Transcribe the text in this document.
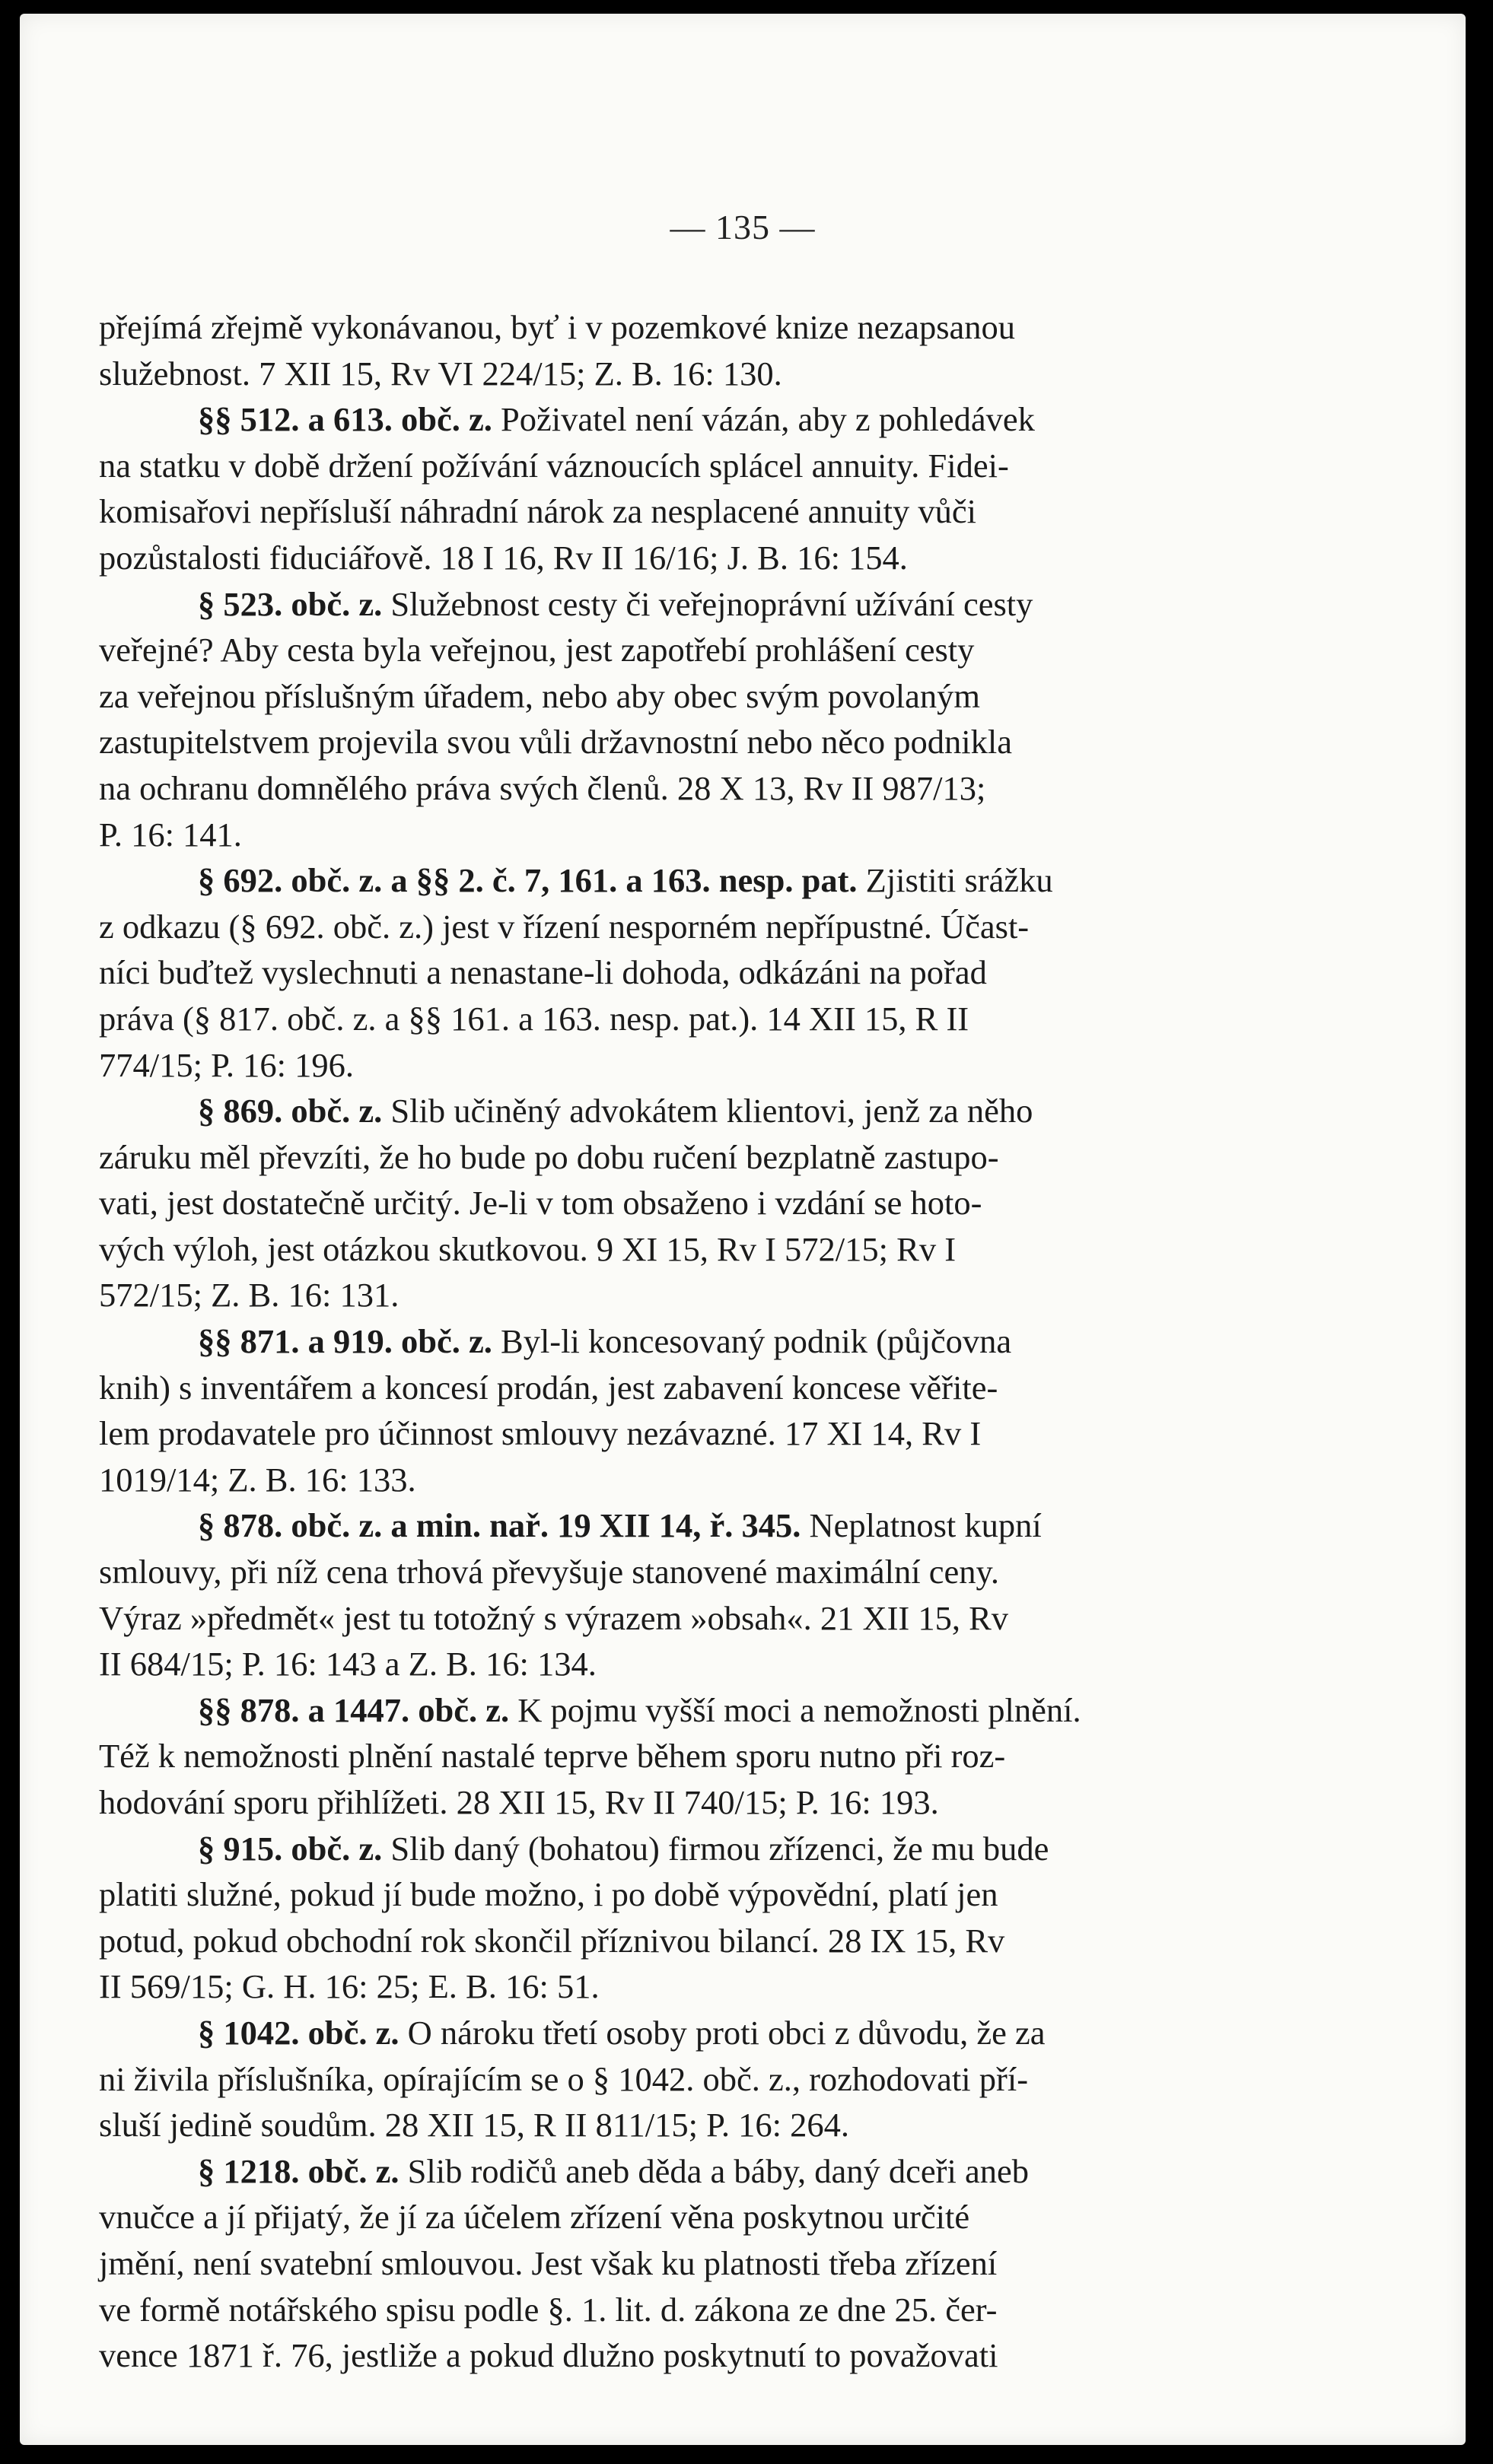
— 135 —
přejímá zřejmě vykonávanou, byť i v pozemkové knize nezapsanou
služebnost. 7 XII 15, Rv VI 224/15; Z. B. 16: 130.
§§ 512. a 613. obč. z. Poživatel není vázán, aby z pohledávek
na statku v době držení požívání váznoucích splácel annuity. Fidei-
komisařovi nepřísluší náhradní nárok za nesplacené annuity vůči
pozůstalosti fiduciářově. 18 I 16, Rv II 16/16; J. B. 16: 154.
§ 523. obč. z. Služebnost cesty či veřejnoprávní užívání cesty
veřejné? Aby cesta byla veřejnou, jest zapotřebí prohlášení cesty
za veřejnou příslušným úřadem, nebo aby obec svým povolaným
zastupitelstvem projevila svou vůli državnostní nebo něco podnikla
na ochranu domnělého práva svých členů. 28 X 13, Rv II 987/13;
P. 16: 141.
§ 692. obč. z. a §§ 2. č. 7, 161. a 163. nesp. pat. Zjistiti srážku
z odkazu (§ 692. obč. z.) jest v řízení nesporném nepřípustné. Účast-
níci buďtež vyslechnuti a nenastane-li dohoda, odkázáni na pořad
práva (§ 817. obč. z. a §§ 161. a 163. nesp. pat.). 14 XII 15, R II
774/15; P. 16: 196.
§ 869. obč. z. Slib učiněný advokátem klientovi, jenž za něho
záruku měl převzíti, že ho bude po dobu ručení bezplatně zastupo-
vati, jest dostatečně určitý. Je-li v tom obsaženo i vzdání se hoto-
vých výloh, jest otázkou skutkovou. 9 XI 15, Rv I 572/15; Rv I
572/15; Z. B. 16: 131.
§§ 871. a 919. obč. z. Byl-li koncesovaný podnik (půjčovna
knih) s inventářem a koncesí prodán, jest zabavení koncese věřite-
lem prodavatele pro účinnost smlouvy nezávazné. 17 XI 14, Rv I
1019/14; Z. B. 16: 133.
§ 878. obč. z. a min. nař. 19 XII 14, ř. 345. Neplatnost kupní
smlouvy, při níž cena trhová převyšuje stanovené maximální ceny.
Výraz »předmět« jest tu totožný s výrazem »obsah«. 21 XII 15, Rv
II 684/15; P. 16: 143 a Z. B. 16: 134.
§§ 878. a 1447. obč. z. K pojmu vyšší moci a nemožnosti plnění.
Též k nemožnosti plnění nastalé teprve během sporu nutno při roz-
hodování sporu přihlížeti. 28 XII 15, Rv II 740/15; P. 16: 193.
§ 915. obč. z. Slib daný (bohatou) firmou zřízenci, že mu bude
platiti služné, pokud jí bude možno, i po době výpovědní, platí jen
potud, pokud obchodní rok skončil příznivou bilancí. 28 IX 15, Rv
II 569/15; G. H. 16: 25; E. B. 16: 51.
§ 1042. obč. z. O nároku třetí osoby proti obci z důvodu, že za
ni živila příslušníka, opírajícím se o § 1042. obč. z., rozhodovati pří-
sluší jedině soudům. 28 XII 15, R II 811/15; P. 16: 264.
§ 1218. obč. z. Slib rodičů aneb děda a báby, daný dceři aneb
vnučce a jí přijatý, že jí za účelem zřízení věna poskytnou určité
jmění, není svatební smlouvou. Jest však ku platnosti třeba zřízení
ve formě notářského spisu podle §. 1. lit. d. zákona ze dne 25. čer-
vence 1871 ř. 76, jestliže a pokud dlužno poskytnutí to považovati
